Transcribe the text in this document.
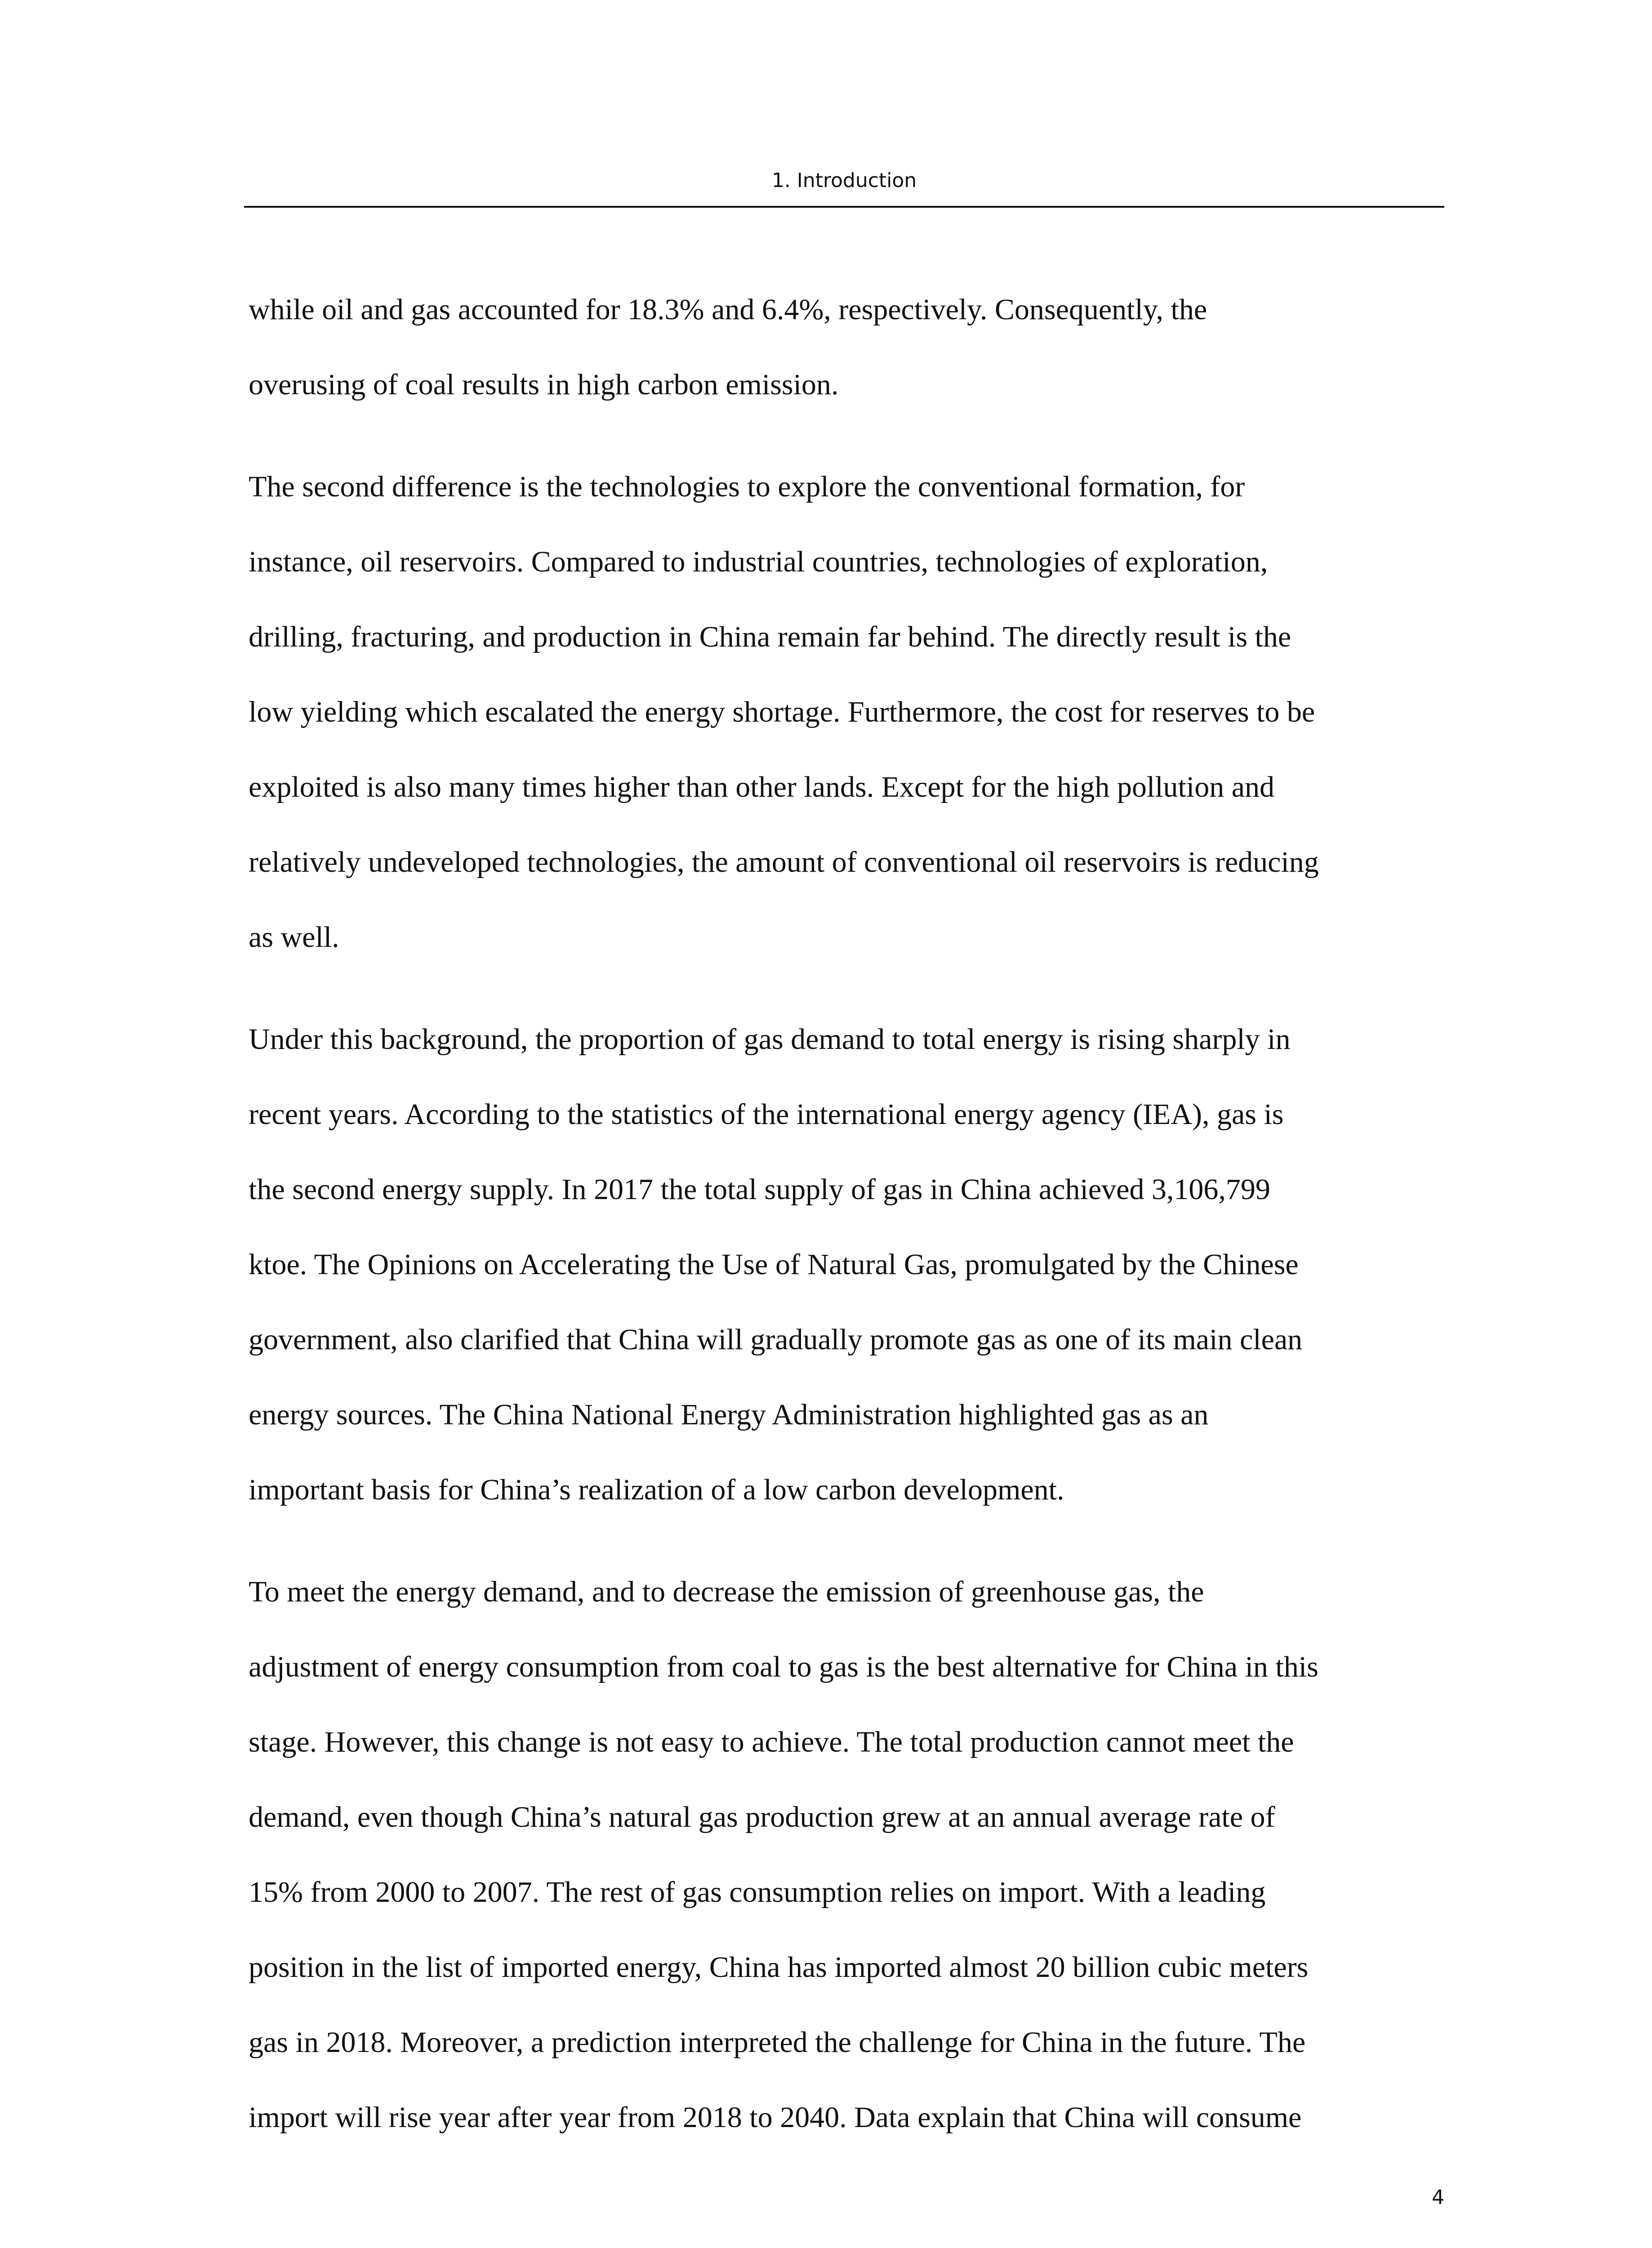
1. Introduction

while oil and gas accounted for 18.3% and 6.4%, respectively. Consequently, the
overusing of coal results in high carbon emission.

The second difference is the technologies to explore the conventional formation, for
instance, oil reservoirs. Compared to industrial countries, technologies of exploration,
drilling, fracturing, and production in China remain far behind. The directly result is the
low yielding which escalated the energy shortage. Furthermore, the cost for reserves to be
exploited is also many times higher than other lands. Except for the high pollution and
relatively undeveloped technologies, the amount of conventional oil reservoirs is reducing
as well.

Under this background, the proportion of gas demand to total energy is rising sharply in
recent years. According to the statistics of the international energy agency (IEA), gas is
the second energy supply. In 2017 the total supply of gas in China achieved 3,106,799
ktoe. The Opinions on Accelerating the Use of Natural Gas, promulgated by the Chinese
government, also clarified that China will gradually promote gas as one of its main clean
energy sources. The China National Energy Administration highlighted gas as an
important basis for China’s realization of a low carbon development.

To meet the energy demand, and to decrease the emission of greenhouse gas, the
adjustment of energy consumption from coal to gas is the best alternative for China in this
stage. However, this change is not easy to achieve. The total production cannot meet the
demand, even though China’s natural gas production grew at an annual average rate of
15% from 2000 to 2007. The rest of gas consumption relies on import. With a leading
position in the list of imported energy, China has imported almost 20 billion cubic meters
gas in 2018. Moreover, a prediction interpreted the challenge for China in the future. The
import will rise year after year from 2018 to 2040. Data explain that China will consume

4
